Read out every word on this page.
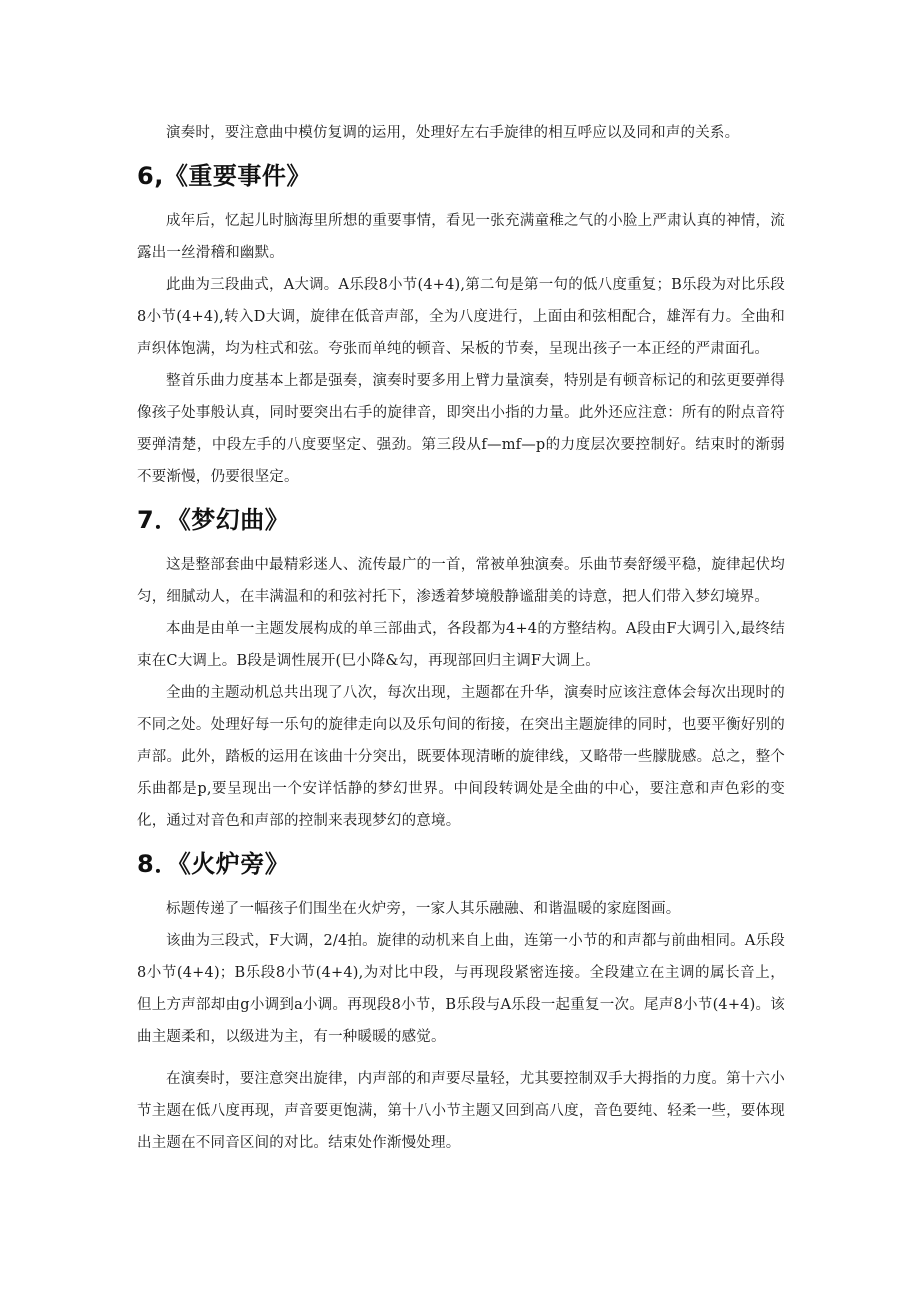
演奏时，要注意曲中模仿复调的运用，处理好左右手旋律的相互呼应以及同和声的关系。

6,《重要事件》

成年后，忆起儿时脑海里所想的重要事情，看见一张充满童稚之气的小脸上严肃认真的神情，流露出一丝滑稽和幽默。

此曲为三段曲式，A大调。A乐段8小节(4+4),第二句是第一句的低八度重复；B乐段为对比乐段8小节(4+4),转入D大调，旋律在低音声部，全为八度进行，上面由和弦相配合，雄浑有力。全曲和声织体饱满，均为柱式和弦。夸张而单纯的顿音、呆板的节奏，呈现出孩子一本正经的严肃面孔。

整首乐曲力度基本上都是强奏，演奏时要多用上臂力量演奏，特别是有顿音标记的和弦更要弹得像孩子处事般认真，同时要突出右手的旋律音，即突出小指的力量。此外还应注意：所有的附点音符要弹清楚，中段左手的八度要坚定、强劲。第三段从f—mf—p的力度层次要控制好。结束时的渐弱不要渐慢，仍要很坚定。

7．《梦幻曲》

这是整部套曲中最精彩迷人、流传最广的一首，常被单独演奏。乐曲节奏舒缓平稳，旋律起伏均匀，细腻动人，在丰满温和的和弦衬托下，渗透着梦境般静谧甜美的诗意，把人们带入梦幻境界。

本曲是由单一主题发展构成的单三部曲式，各段都为4+4的方整结构。A段由F大调引入,最终结束在C大调上。B段是调性展开(巳小降&勾，再现部回归主调F大调上。

全曲的主题动机总共出现了八次，每次出现，主题都在升华，演奏时应该注意体会每次出现时的不同之处。处理好每一乐句的旋律走向以及乐句间的衔接，在突出主题旋律的同时，也要平衡好别的声部。此外，踏板的运用在该曲十分突出，既要体现清晰的旋律线，又略带一些朦胧感。总之，整个乐曲都是p,要呈现出一个安详恬静的梦幻世界。中间段转调处是全曲的中心，要注意和声色彩的变化，通过对音色和声部的控制来表现梦幻的意境。

8．《火炉旁》

标题传递了一幅孩子们围坐在火炉旁，一家人其乐融融、和谐温暖的家庭图画。

该曲为三段式，F大调，2/4拍。旋律的动机来自上曲，连第一小节的和声都与前曲相同。A乐段8小节(4+4)；B乐段8小节(4+4),为对比中段，与再现段紧密连接。全段建立在主调的属长音上，但上方声部却由g小调到a小调。再现段8小节，B乐段与A乐段一起重复一次。尾声8小节(4+4)。该曲主题柔和，以级进为主，有一种暖暖的感觉。

在演奏时，要注意突出旋律，内声部的和声要尽量轻，尤其要控制双手大拇指的力度。第十六小节主题在低八度再现，声音要更饱满，第十八小节主题又回到高八度，音色要纯、轻柔一些，要体现出主题在不同音区间的对比。结束处作渐慢处理。
